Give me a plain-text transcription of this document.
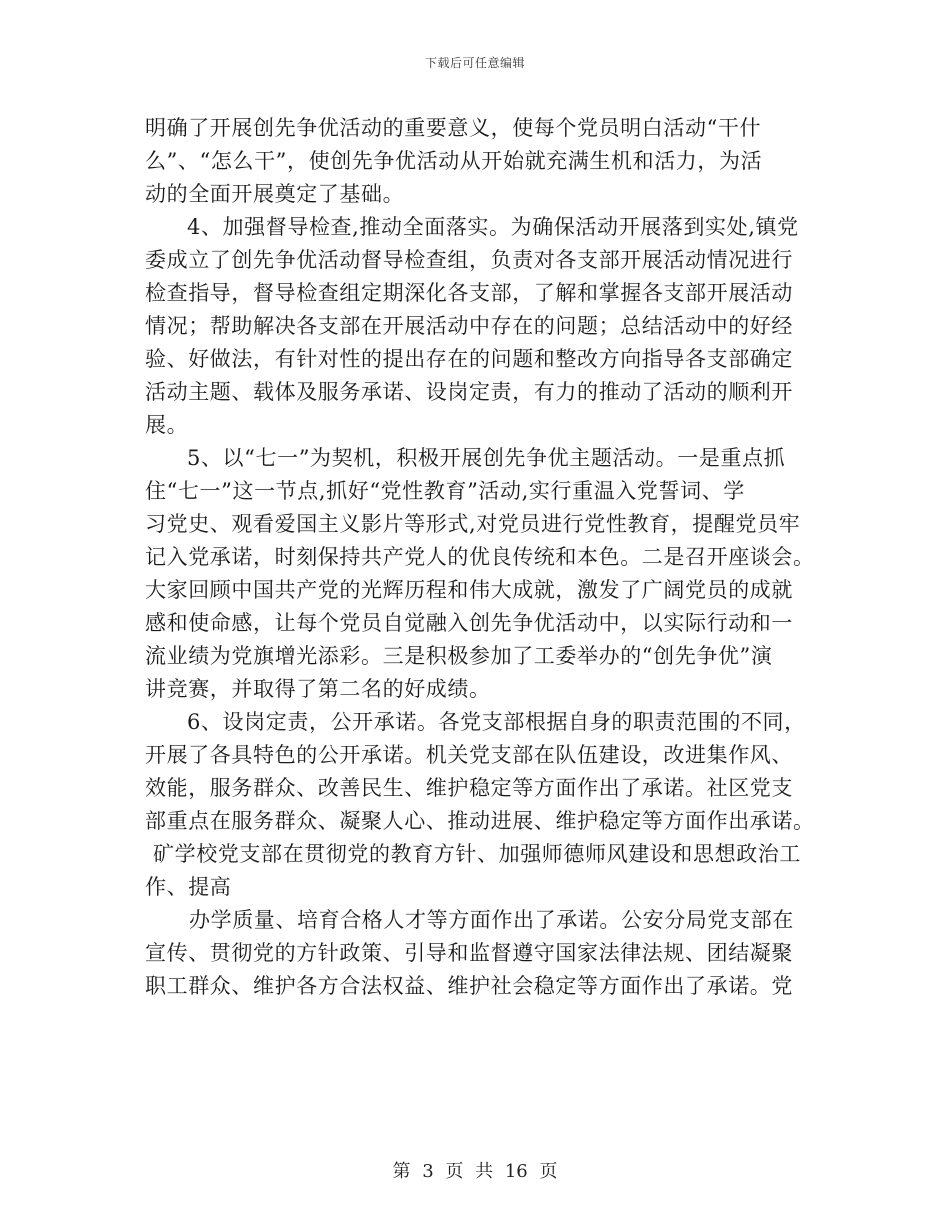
下载后可任意编辑
明确了开展创先争优活动的重要意义，使每个党员明白活动“干什
么”、“怎么干”，使创先争优活动从开始就充满生机和活力，为活
动的全面开展奠定了基础。
4、加强督导检查,推动全面落实。为确保活动开展落到实处,镇党
委成立了创先争优活动督导检查组，负责对各支部开展活动情况进行
检查指导，督导检查组定期深化各支部，了解和掌握各支部开展活动
情况；帮助解决各支部在开展活动中存在的问题；总结活动中的好经
验、好做法，有针对性的提出存在的问题和整改方向指导各支部确定
活动主题、载体及服务承诺、设岗定责，有力的推动了活动的顺利开
展。
5、以“七一”为契机，积极开展创先争优主题活动。一是重点抓
住“七一”这一节点,抓好“党性教育”活动,实行重温入党誓词、学
习党史、观看爱国主义影片等形式,对党员进行党性教育，提醒党员牢
记入党承诺，时刻保持共产党人的优良传统和本色。二是召开座谈会。
大家回顾中国共产党的光辉历程和伟大成就，激发了广阔党员的成就
感和使命感，让每个党员自觉融入创先争优活动中，以实际行动和一
流业绩为党旗增光添彩。三是积极参加了工委举办的“创先争优”演
讲竞赛，并取得了第二名的好成绩。
6、设岗定责，公开承诺。各党支部根据自身的职责范围的不同，
开展了各具特色的公开承诺。机关党支部在队伍建设，改进集作风、
效能，服务群众、改善民生、维护稳定等方面作出了承诺。社区党支
部重点在服务群众、凝聚人心、推动进展、维护稳定等方面作出承诺。
矿学校党支部在贯彻党的教育方针、加强师德师风建设和思想政治工
作、提高
办学质量、培育合格人才等方面作出了承诺。公安分局党支部在
宣传、贯彻党的方针政策、引导和监督遵守国家法律法规、团结凝聚
职工群众、维护各方合法权益、维护社会稳定等方面作出了承诺。党
第 3 页 共 16 页
